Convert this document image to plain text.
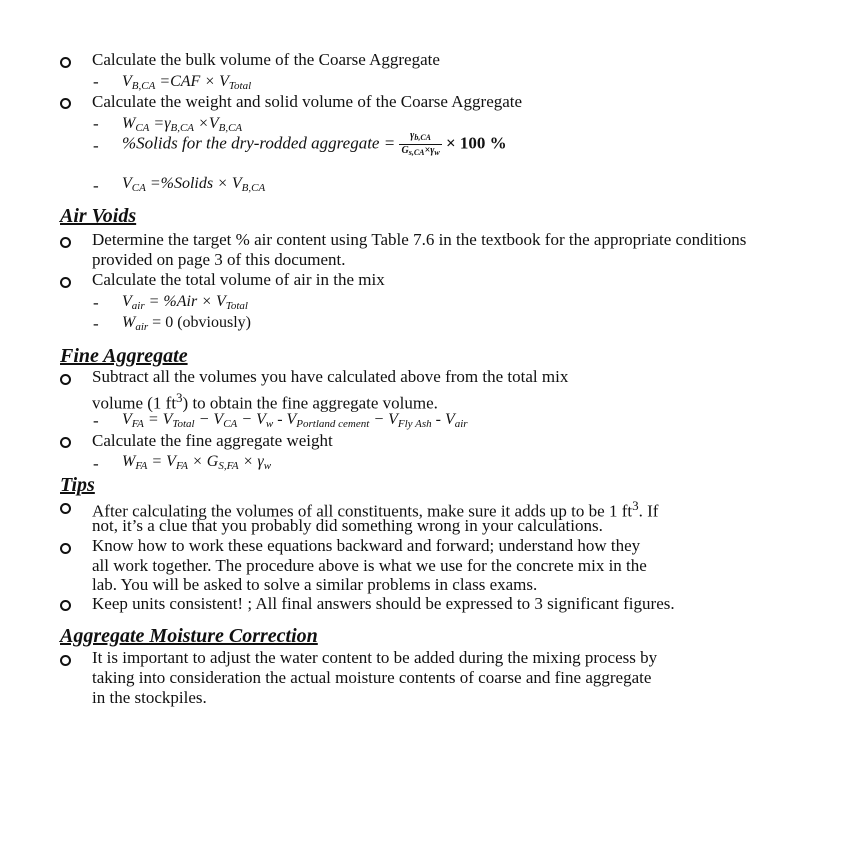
Calculate the bulk volume of the Coarse Aggregate
- $V_{B,CA} =CAF \times V_{Total}$
Calculate the weight and solid volume of the Coarse Aggregate
- $W_{CA} =\gamma_{B,CA} \times V_{B,CA}$
- %Solids for the dry-rodded aggregate = $\frac{\gamma_{b,CA}}{G_{s,CA}\times\gamma_w} \times 100$ %
- $V_{CA}$ =%Solids × $V_{B,CA}$
Air Voids
Determine the target % air content using Table 7.6 in the textbook for the appropriate conditions
provided on page 3 of this document.
Calculate the total volume of air in the mix
- $V_{air} = \%Air \times V_{Total}$
- $W_{air} = 0$ (obviously)
Fine Aggregate
Subtract all the volumes you have calculated above from the total mix
volume (1 $ft^3$) to obtain the fine aggregate volume.
- $V_{FA} = V_{Total} - V_{CA} - V_w - V_{Portland cement} - V_{Fly Ash} - V_{air}$
Calculate the fine aggregate weight
- $W_{FA} = V_{FA} \times G_{S,FA} \times \gamma_w$
Tips
After calculating the volumes of all constituents, make sure it adds up to be 1 $ft^3$. If
not, it’s a clue that you probably did something wrong in your calculations.
Know how to work these equations backward and forward; understand how they
all work together. The procedure above is what we use for the concrete mix in the
lab. You will be asked to solve a similar problems in class exams.
Keep units consistent! ; All final answers should be expressed to 3 significant figures.
Aggregate Moisture Correction
It is important to adjust the water content to be added during the mixing process by
taking into consideration the actual moisture contents of coarse and fine aggregate
in the stockpiles.
